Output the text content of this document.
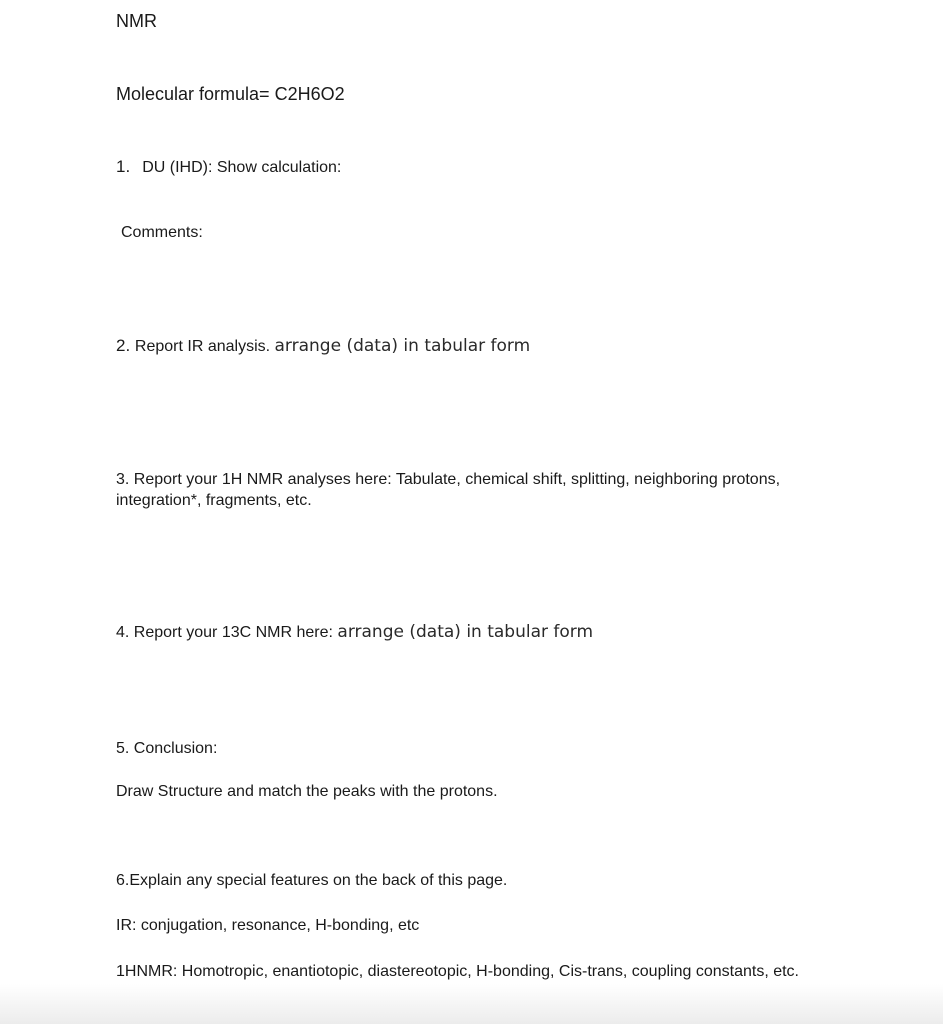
NMR
Molecular formula= C2H6O2
1. DU (IHD): Show calculation:
Comments:
2. Report IR analysis. arrange (data) in tabular form
3. Report your 1H NMR analyses here: Tabulate, chemical shift, splitting, neighboring protons, integration*, fragments, etc.
4. Report your 13C NMR here: arrange (data) in tabular form
5. Conclusion:
Draw Structure and match the peaks with the protons.
6.Explain any special features on the back of this page.
IR: conjugation, resonance, H-bonding, etc
1HNMR: Homotropic, enantiotopic, diastereotopic, H-bonding, Cis-trans, coupling constants, etc.
